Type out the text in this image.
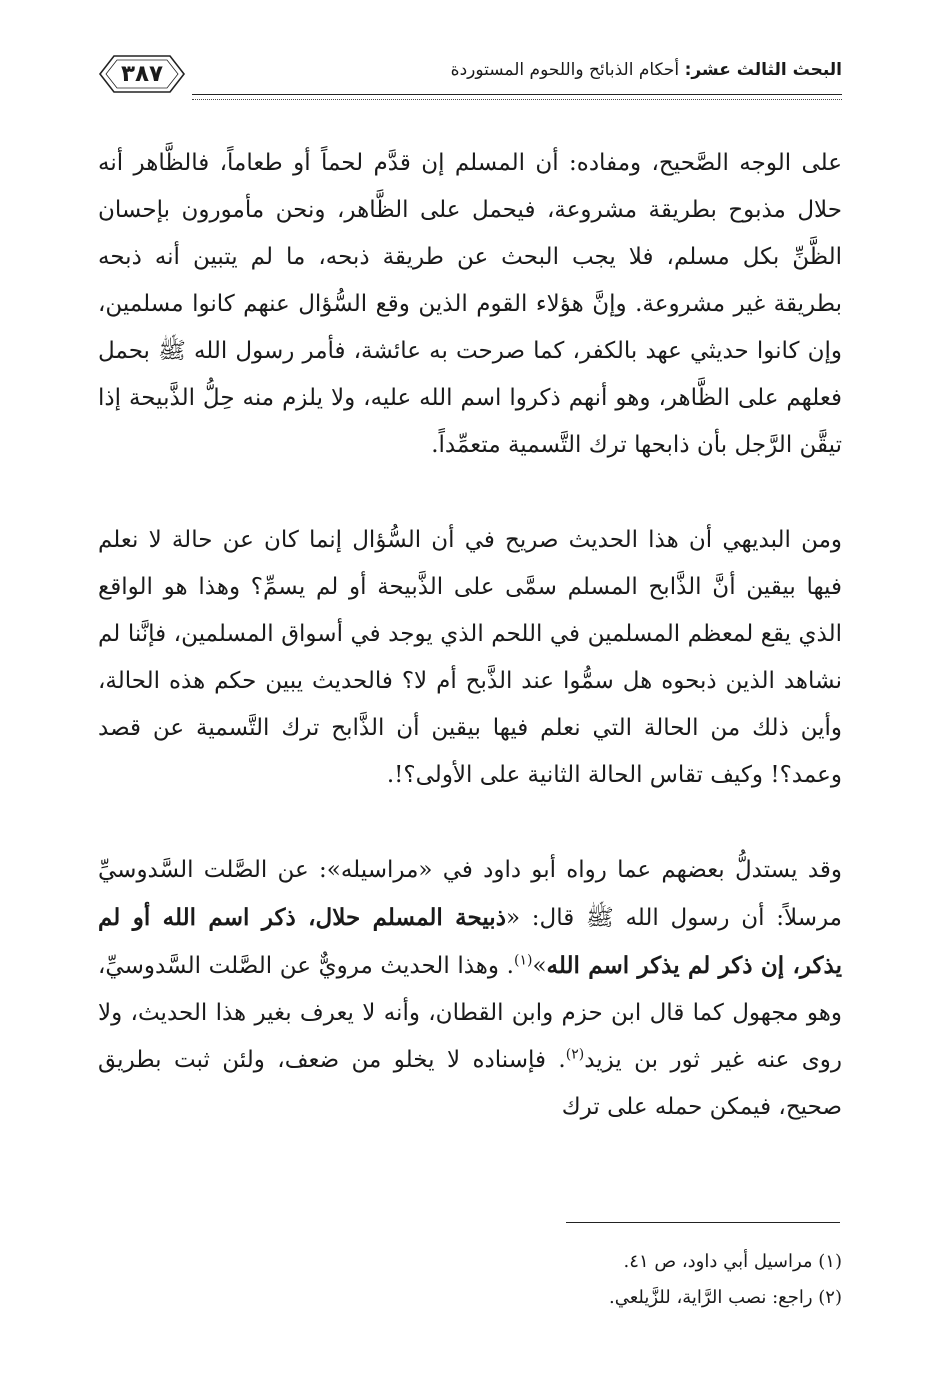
٣٨٧	البحث الثالث عشر: أحكام الذبائح واللحوم المستوردة

على الوجه الصَّحيح، ومفاده: أن المسلم إن قدَّم لحماً أو طعاماً، فالظَّاهر أنه حلال مذبوح بطريقة مشروعة، فيحمل على الظَّاهر، ونحن مأمورون بإحسان الظَّنِّ بكل مسلم، فلا يجب البحث عن طريقة ذبحه، ما لم يتبين أنه ذبحه بطريقة غير مشروعة. وإنَّ هؤلاء القوم الذين وقع السُّؤال عنهم كانوا مسلمين، وإن كانوا حديثي عهد بالكفر، كما صرحت به عائشة، فأمر رسول الله ﷺ بحمل فعلهم على الظَّاهر، وهو أنهم ذكروا اسم الله عليه، ولا يلزم منه حِلُّ الذَّبيحة إذا تيقَّن الرَّجل بأن ذابحها ترك التَّسمية متعمِّداً.

ومن البديهي أن هذا الحديث صريح في أن السُّؤال إنما كان عن حالة لا نعلم فيها بيقين أنَّ الذَّابح المسلم سمَّى على الذَّبيحة أو لم يسمِّ؟ وهذا هو الواقع الذي يقع لمعظم المسلمين في اللحم الذي يوجد في أسواق المسلمين، فإنَّنا لم نشاهد الذين ذبحوه هل سمُّوا عند الذَّبح أم لا؟ فالحديث يبين حكم هذه الحالة، وأين ذلك من الحالة التي نعلم فيها بيقين أن الذَّابح ترك التَّسمية عن قصد وعمد؟! وكيف تقاس الحالة الثانية على الأولى؟!.

وقد يستدلُّ بعضهم عما رواه أبو داود في «مراسيله»: عن الصَّلت السَّدوسيِّ مرسلاً: أن رسول الله ﷺ قال: «ذبيحة المسلم حلال، ذكر اسم الله أو لم يذكر، إن ذكر لم يذكر اسم الله»$^{(١)}$. وهذا الحديث مرويٌّ عن الصَّلت السَّدوسيِّ، وهو مجهول كما قال ابن حزم وابن القطان، وأنه لا يعرف بغير هذا الحديث، ولا روى عنه غير ثور بن يزيد$^{(٢)}$. فإسناده لا يخلو من ضعف، ولئن ثبت بطريق صحيح، فيمكن حمله على ترك

(١) مراسيل أبي داود، ص ٤١.
(٢) راجع: نصب الرَّاية، للزَّيلعي.
